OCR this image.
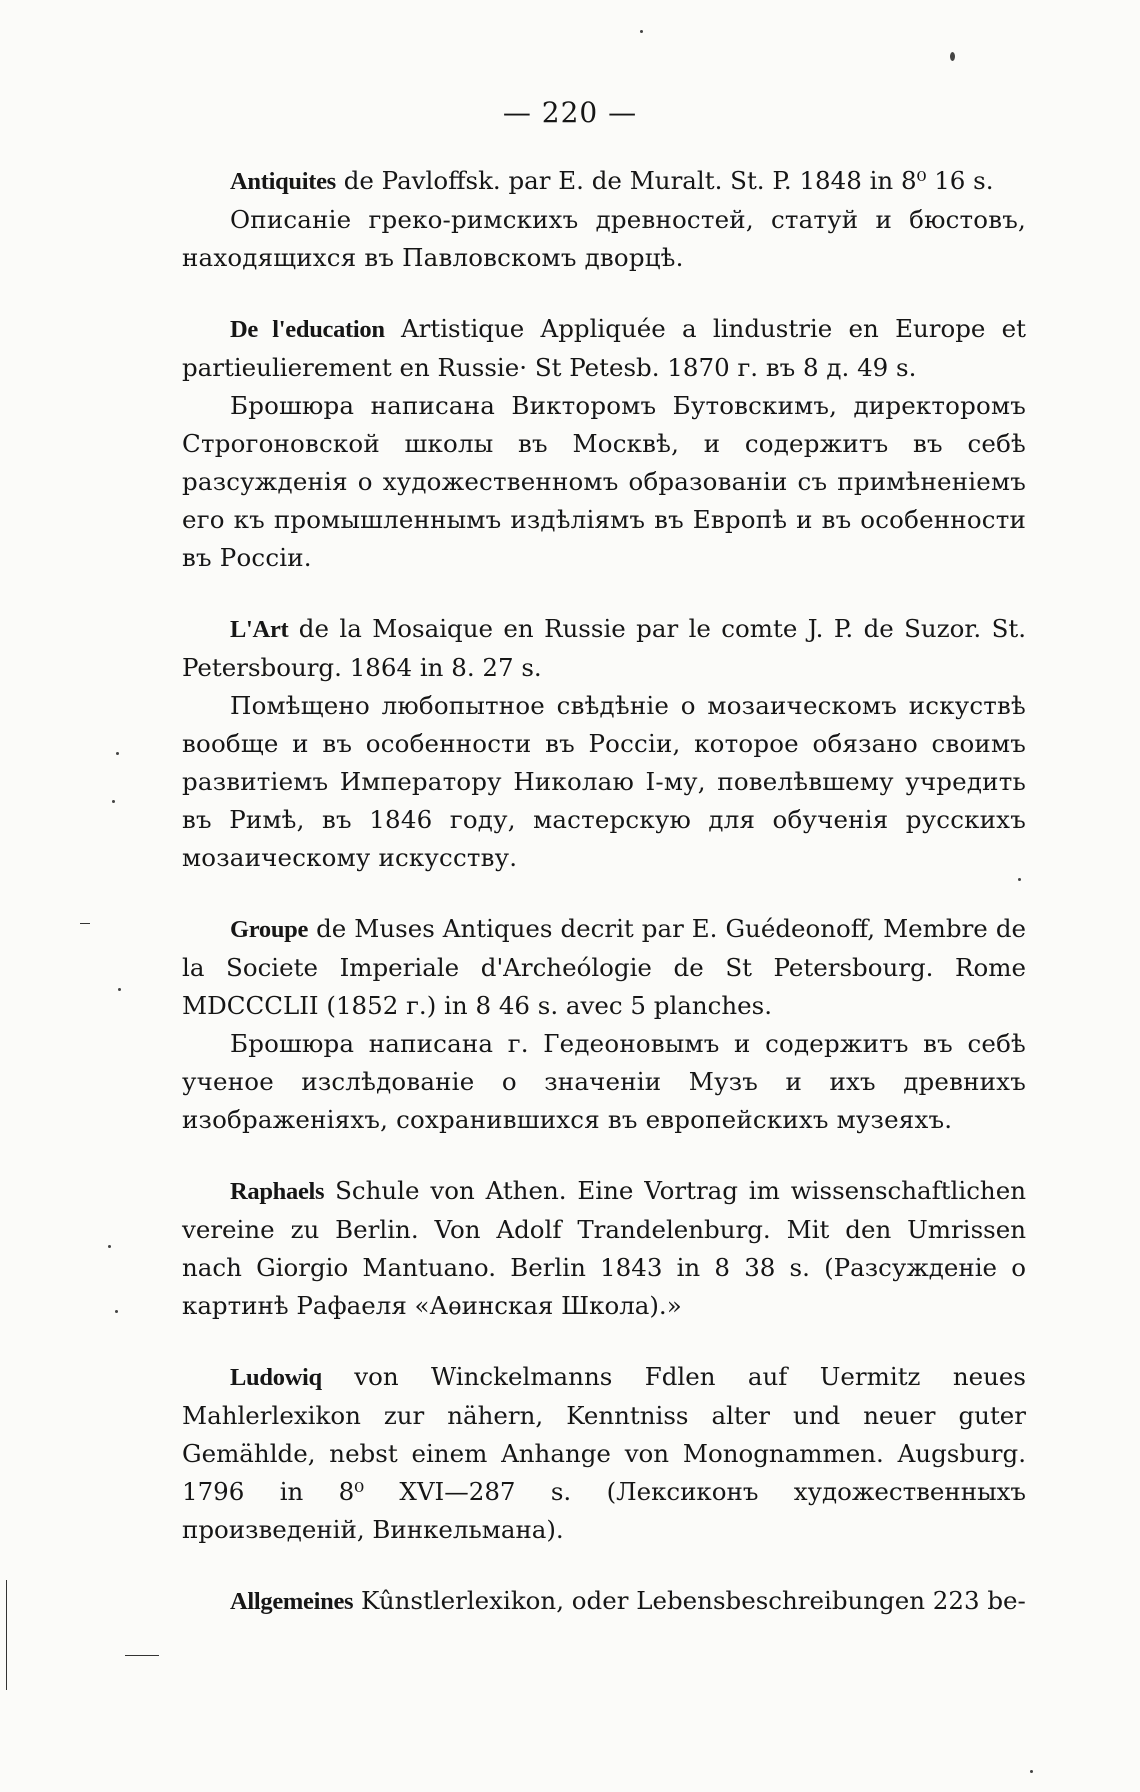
— 220 —

Antiquites de Pavloffsk. par E. de Muralt. St. P. 1848 in 8⁰ 16 s.

Описаніе греко-римскихъ древностей, статуй и бюстовъ, находящихся въ Павловскомъ дворцѣ.

De l'education Artistique Appliquée a lindustrie en Europe et partieulierement en Russie· St Petesb. 1870 г. въ 8 д. 49 s.

Брошюра написана Викторомъ Бутовскимъ, директоромъ Строгоновской школы въ Москвѣ, и содержитъ въ себѣ разсужденія о художественномъ образованіи съ примѣненіемъ его къ промышленнымъ издѣліямъ въ Европѣ и въ особенности въ Россіи.

L'Art de la Mosaique en Russie par le comte J. P. de Suzor. St. Petersbourg. 1864 in 8. 27 s.

Помѣщено любопытное свѣдѣніе о мозаическомъ искуствѣ вообще и въ особенности въ Россіи, которое обязано своимъ развитіемъ Императору Николаю I-му, повелѣвшему учредить въ Римѣ, въ 1846 году, мастерскую для обученія русскихъ мозаическому искусству.

Groupe de Muses Antiques decrit par E. Guédeonoff, Membre de la Societe Imperiale d'Archeólogie de St Petersbourg. Rome MDCCCLII (1852 г.) in 8 46 s. avec 5 planches.

Брошюра написана г. Гедеоновымъ и содержитъ въ себѣ ученое изслѣдованіе о значеніи Музъ и ихъ древнихъ изображеніяхъ, сохранившихся въ европейскихъ музеяхъ.

Raphaels Schule von Athen. Eine Vortrag im wissenschaftlichen vereine zu Berlin. Von Adolf Trandelenburg. Mit den Umrissen nach Giorgio Mantuano. Berlin 1843 in 8 38 s. (Разсужденіе о картинѣ Рафаеля «Аѳинская Школа).»

Ludowiq von Winckelmanns Fdlen auf Uermitz neues Mahlerlexikon zur nähern, Kenntniss alter und neuer guter Gemählde, nebst einem Anhange von Monognammen. Augsburg. 1796 in 8⁰ XVI—287 s. (Лексиконъ художественныхъ произведеній, Винкельмана).

Allgemeines Kûnstlerlexikon, oder Lebensbeschreibungen 223 be-
